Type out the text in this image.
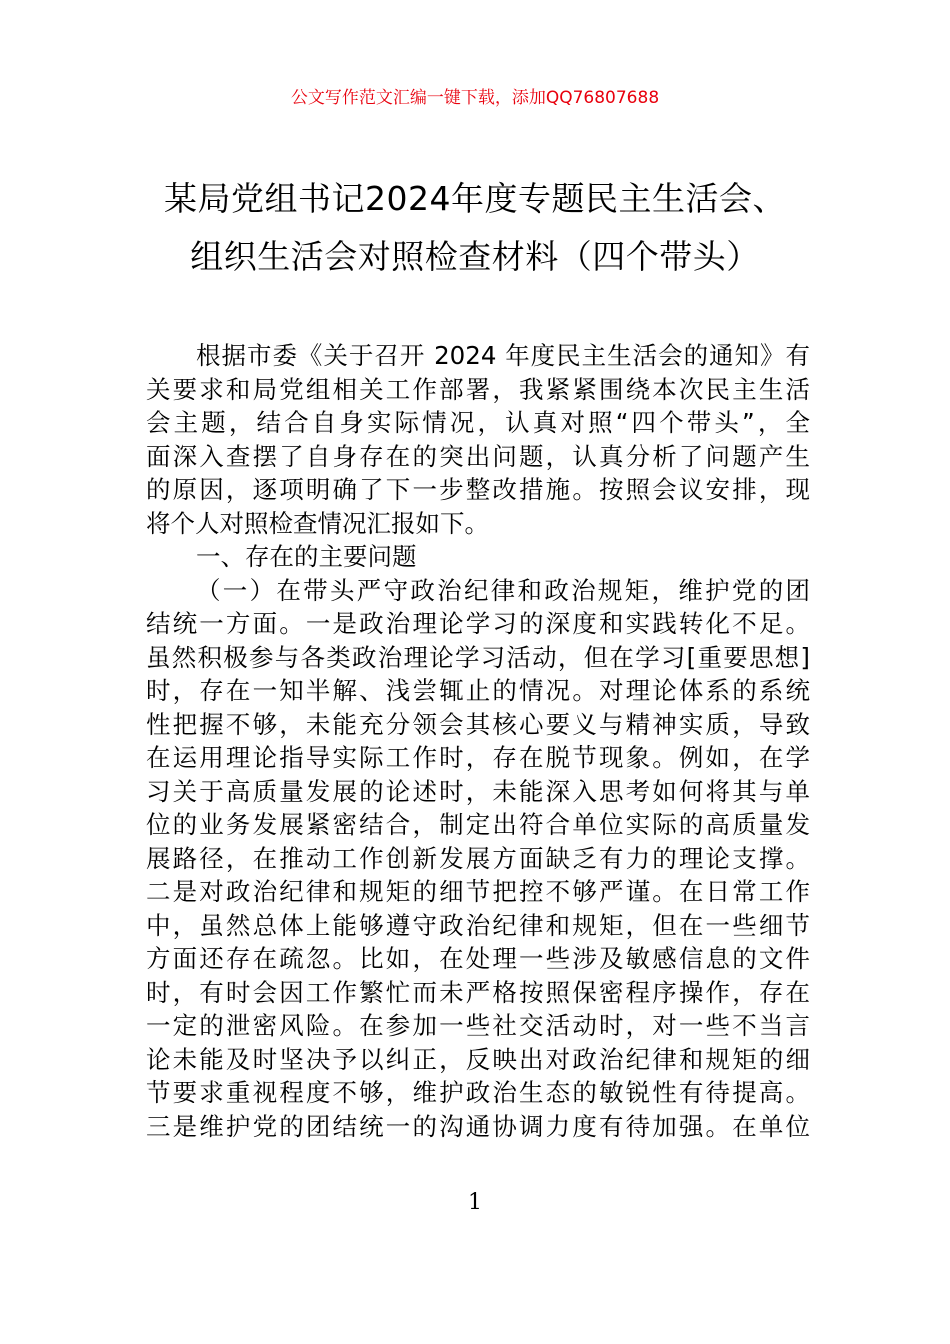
公文写作范文汇编一键下载，添加QQ76807688
某局党组书记2024年度专题民主生活会、
组织生活会对照检查材料（四个带头）
根据市委《关于召开 2024 年度民主生活会的通知》有
关要求和局党组相关工作部署，我紧紧围绕本次民主生活
会主题，结合自身实际情况，认真对照“四个带头”，全
面深入查摆了自身存在的突出问题，认真分析了问题产生
的原因，逐项明确了下一步整改措施。按照会议安排，现
将个人对照检查情况汇报如下。
一、存在的主要问题
（一）在带头严守政治纪律和政治规矩，维护党的团
结统一方面。一是政治理论学习的深度和实践转化不足。
虽然积极参与各类政治理论学习活动，但在学习[重要思想]
时，存在一知半解、浅尝辄止的情况。对理论体系的系统
性把握不够，未能充分领会其核心要义与精神实质，导致
在运用理论指导实际工作时，存在脱节现象。例如，在学
习关于高质量发展的论述时，未能深入思考如何将其与单
位的业务发展紧密结合，制定出符合单位实际的高质量发
展路径，在推动工作创新发展方面缺乏有力的理论支撑。
二是对政治纪律和规矩的细节把控不够严谨。在日常工作
中，虽然总体上能够遵守政治纪律和规矩，但在一些细节
方面还存在疏忽。比如，在处理一些涉及敏感信息的文件
时，有时会因工作繁忙而未严格按照保密程序操作，存在
一定的泄密风险。在参加一些社交活动时，对一些不当言
论未能及时坚决予以纠正，反映出对政治纪律和规矩的细
节要求重视程度不够，维护政治生态的敏锐性有待提高。
三是维护党的团结统一的沟通协调力度有待加强。在单位
1
